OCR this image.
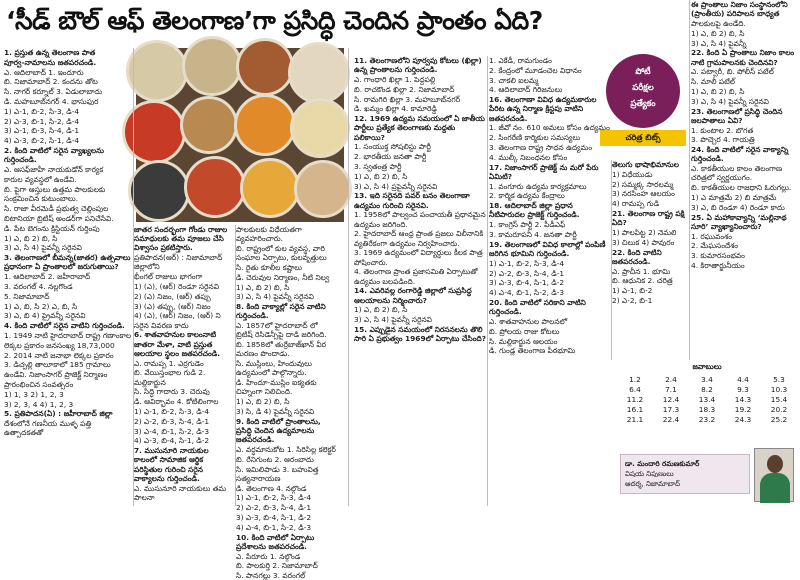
‘సీడ్ బౌల్ ఆఫ్ తెలంగాణ’గా ప్రసిద్ధి చెందిన ప్రాంతం ఏది?
పోటీ
పరీక్షల
ప్రత్యేకం
చరిత్ర బిట్స్

1. ప్రస్తుత ఉన్న తెలంగాణ పాత

పూర్వ-నామాలను జతపరచండి.

ఎ. ఆదిలాబాద్ 1. ఇందూరు

బి. నిజామాబాద్ 2. కందను తోట

సి. నాగర్ కర్నూల్ 3. ఏడులాబాదు

డి. మహబూబ్‌నగర్ 4. భాసుఫుర

1) ఎ-1, బి-2, సి-3, డి-4

2) ఎ-3, బి-1, సి-2, డి-4

3) ఎ-1, బి-3, సి-4, డి-1

4) ఎ-3, బి-2, సి-1, డి-4

2. కింది వాటిలో సరైన వ్యాఖ్యలను గుర్తించండి.

ఎ. ఆసఫ్‌జాహీ నాయకుడోన్ కార్యక

కారుల వ్యవస్థలో ఉండేవి.

బి. పైగా ఆస్తులు ఉత్తమ పాలకులకు

సంక్రమించిన కుటుంబాలు.

సి. రాజా వీరమెడీ ప్రభుత్వ చెల్లింపుల

బిటానియా బ్రిటిష్ అండర్‌గా పనిచేసేవి.

డి. పేట బెగంను క్రిస్టియన్ గుర్తింపు

1) ఎ, బి 2) బి, సి

3) ఎ, సి 4) పైవన్నీ సరైనవి

3. తెలంగాణలో బీమన్న(జాతర) ఉత్సవాలు ప్రధానంగా ఏ ప్రాంతాలలో జరుగుతాయి?

1. ఆదిలాబాద్ 2. జహీరాబాద్

3. వరంగల్ 4. నల్లగొండ

5. నిజామాబాద్

1) ఎ, బి, సి 2) ఎ, బి, సి

3) ఎ, బి 4) ప్రైవన్నీ సరైనవి

4. కింది వాటిలో సరైన వాటిని గుర్తించండి.

1. 1949 నాటి హైదరాబాద్ రాష్ట్ర గణాంకాల

లెక్కల ప్రకారం జనసంఖ్య 18,73,000

2. 2014 నాటి జనాభా లెక్కల ప్రకారం

3. డిచ్పల్లి తాలూకాలో 185 గ్రామాలు

ఉండేవి. నిజాంసాగర్ ప్రాజెక్ట్ నిర్మాణం

ప్రారంభించిన సంవత్సరం

1) 1, 3 2) 1, 2, 3

3) 2, 3, 4 4) 1, 2, 3

5. ప్రతిపాదన(ఏ) : జహీరాబాద్ జిల్లా

దేశంలోనే గణనీయ ముళ్ళ పత్తి ఉత్పాదకతతో

జాతర సందర్భంగా గోండు రాజుల సమాధులకు తమ పూజలు చేసి విశ్వాసం ప్రకటిస్తారు.

ప్రతిపాదన(ఆర్) : నిజామాబాద్ జిల్లాలోని

భీంగల్ రాజులు భాగంగా

1) (ఎ), (ఆర్) రెండూ సరైనవి

2) (ఎ) నిజం, (ఆర్) తప్పు

3) (ఎ) తప్పు, (ఆర్) నిజం

4) (ఎ), (ఆర్) నిజం, (ఆర్) ని సరైన వివరణ కాదు

6. శాతవాహనుల కాలంనాటి జాతరా మేళా, వాటి ప్రస్తుత ఆలయాల స్థలం జతపరచండి.

ఎ. రామప్ప 1. ఎర్రగుడెం

బి. వేయిస్తంభాల గుడి 2. మల్లికార్జున

సి. సిద్ధి గాదారు 3. చెరువు

డి. ఆవిర్భావం 4. కోటిలింగాల

1) ఎ-1, బి-2, సి-3, డి-4

2) ఎ-2, బి-3, సి-4, డి-1

3) ఎ-4, బి-1, సి-2, డి-3

4) ఎ-3, బి-4, సి-1, డి-2

7. ముసునూరి నాయకుల కాలంలో సామాజిక ఆర్థిక పరిస్థితుల గురించి సరైన వాక్యాలను గుర్తించండి.

ఎ. ముసునూరి నాయకులు తమ పాలనా

పాలకులకు విధేయతగా వ్యవహరించారు.

బి. రాష్ట్రంలో కుల వ్యవస్థ, వారి సంఘాల ఏర్పాటు, కులవృత్తులు

సి. రైతు కూలీల కష్టాలు

డి. చెరువుల నిర్మాణం, నీటి నిల్వ

1) ఎ, బి 2) బి, సి

3) ఎ, సి 4) పైవన్నీ సరైనవి

8. కింది వాక్యాల్లో సరైన వాటిని గుర్తించండి.

ఎ. 1857లో హైదరాబాద్ లో బ్రిటిష్ రెసిడెన్సీపై దాడి జరిగింది.

బి. 1858లో తుర్రేబాజ్‌ఖాన్ వీర మరణం పొందాడు.

సి. ముస్లింలు, హిందువులు ఉద్యమంలో పాల్గొన్నారు.

డి. హిందూ-ముస్లిం ఐక్యతకు చిహ్నంగా నిలిచింది.

1) ఎ, బి 2) బి, సి

3) సి, డి 4) పైవన్నీ సరైనవి

9. కింది వాటిలో ప్రాంతాలను, ప్రసిద్ధి చెందిన ఉద్యమాలను జతపరచండి.

ఎ. వర్ధమానుకోట 1. సిరిసిల్ల కలెక్టర్

బి. రేనిగుంట 2. ఆరంబాదు

సి. ఇమిలిపాడు 3. బహువిత్త సత్యనారాయణ

డి. తెలంగాణ 4. నల్గొండ

1) ఎ-1, బి-2, సి-3, డి-4

2) ఎ-2, బి-3, సి-4, డి-1

3) ఎ-3, బి-4, సి-1, డి-2

4) ఎ-4, బి-1, సి-2, డి-3

10. కింది వాటిలో ఏర్పాటు ప్రదేశాలను జతపరచండి.

ఎ. పేరూరు 1. నల్గొండ

బి. పాలకుర్తి 2. నిజామాబాద్

సి. పానగల్లు 3. వరంగల్

11. తెలంగాణలోని పూర్వపు కోటలు (ఖిల్లా) ఉన్న ప్రాంతాలను గుర్తించండి.

ఎ. గాంధారి ఖిల్లా 1. పెద్దపల్లి

బి. రాచకొండ ఖిల్లా 2. నిజామాబాద్

సి. రామగిరి ఖిల్లా 3. మహబూబ్‌నగర్

డి. ఖమ్మం ఖిల్లా 4. కామారెడ్డి

12. 1969 ఉద్యమ సమయంలో ఏ జాతీయ పార్టీలు ప్రత్యేక తెలంగాణకు మద్దతు పలికాయి?

1. సంయుక్త సోషలిస్టు పార్టీ

2. భారతీయ జనతా పార్టీ

3. స్వతంత్ర పార్టీ

1) ఎ, బి 2) బి, సి

3) ఎ, సి 4) ప్రపైవన్నీ సరైనవి

13. ఇది సరైనది పవర్ బనం తెలంగాణా ఉద్యమం గురించి సరైనవి.

1. 1958లో పాల్వంచ పంచాయతీ ప్రధానమైన ఉద్యమం జరిగింది.

2. హైదరాబాద్ ఆంధ్ర ప్రాంత ప్రజలు విలీనానికి వ్యతిరేకంగా ఉద్యమం నిర్వహించారు.

3. 1969 ఉద్యమంలో విద్యార్థులు కీలక పాత్ర పోషించారు.

4. తెలంగాణ ప్రాంత ప్రజాసమితి ఏర్పాటుతో ఉద్యమం బలపడింది.

14. ఎవరివల్ల రంగారెడ్డి జిల్లాలో సుప్రసిద్ధ ఆలయాలను నిర్మించారు?

1) ఎ, బి 2) బి, సి

3) ఎ, సి 4) పైవన్నీ సరైనవి

15. ఎప్పుడైన సమయంలో నిరసనలను తొలి సారి ఏ ప్రభుత్వం 1969లో ఏర్పాటు చేసింది?

1. ఎకేడీ, రామగుండం

2. కేంద్రంలో మూడంచెల విధానం

3. చాకలి ఐలమ్మ

4. ఆదిలాబాద్ గిరిజనులు

16. తెలంగాణా వివిధ ఉద్యమకారుల పేరిట ఉన్న నిర్మాణ క్రిస్టపు వాటిని జతపరచండి.

1. జీవో నం. 610 అమలు కోసం ఉద్యమం

2. సింగరేణి కార్మికుల సమస్యలు

3. తెలంగాణ రాష్ట్ర సాధన ఉద్యమం

4. ముల్కీ నిబంధనల కోసం

17. నిజాంసాగర్ ప్రాజెక్ట్ ను మరో పేరు ఏమిటి?

1. వంగూరు ఉద్యమ కార్యక్రమాలు

2. కార్మిక ఉద్యమ కేంద్రాలు

18. ఆదిలాబాద్ జిల్లా ప్రధాన నీటిపారుదల ప్రాజెక్ట్ గుర్తించండి.

1. కాంగ్రెస్ పార్టీ 2. పీడీఎఫ్

3. కామరూపనీ 4. జనతా పార్టీ

19. తెలంగాణలో వివిధ కాలాల్లో పంపిణీ జరిగిన భూమిని గుర్తించండి.

1) ఎ-1, బి-2, సి-3, డి-4

2) ఎ-2, బి-3, సి-4, డి-1

3) ఎ-3, బి-4, సి-1, డి-2

4) ఎ-4, బి-1, సి-2, డి-3

20. కింది వాటిలో సరికాని వాటిని గుర్తించండి.

ఎ. శాతవాహనుల పాలనలో

బి. ప్రోలయ రాజు కోటలు

సి. మల్లికార్జున ఆలయం

డి. గుండ్ల తెలంగాణ పీఠభూమి

తెలుగు భాషాభిమానుల

1) విధేయుడు

2) సమ్మక్క సారలమ్మ

3) నరసింహ ఆలయం

4) రామప్ప గుడి

21. తెలంగాణ రాష్ట్ర పక్షి ఏది?

1) పాలపిట్ట 2) నెమలి

3) చిలుక 4) పావురం

22. కింది వాటిని జతపరచండి.

ఎ. ప్రాచీన 1. భూమి

బి. ఆధునిక 2. చరిత్ర

1) ఎ-1, బి-2

2) ఎ-2, బి-1

ఈ ప్రాంతాలు నిజాం సంస్థానంలోని (ప్రాంతీయ) పరిపాలన బాధ్యత

పాలకులపై ఉండేది.

1) ఎ, బి 2) బి, సి

3) ఎ, సి 4) పైవన్నీ

22. కింది ఏ ప్రాంతాలు నిజాం కాలం నాటి గ్రామపాలనకు చెందినవి?

ఎ. పట్వారీ, బి. పోలీస్ పటేల్

సి. మాలీ పటేల్

1) ఎ, బి 2) బి, సి

3) ఎ, సి 4) పైవన్నీ సరైనవి

23. తెలంగాణలో ప్రసిద్ధి చెందిన జలపాతాలు ఏవి?

1. కుంటాల 2. బొగత

3. పొచ్చెర 4. గాయత్రి

24. కింది వాటిలో సరైన వాక్యాన్ని గుర్తించండి.

ఎ. కాకతీయుల కాలం తెలంగాణ చరిత్రలో స్వర్ణయుగం.

బి. కాకతీయుల రాజధాని ఓరుగల్లు.

1) ఎ మాత్రమే 2) బి మాత్రమే

3) ఎ, బి రెండూ 4) రెండూ కాదు

25. ఏ మహాకావ్యాన్ని ‘మల్లినాథ సూరి’ వ్యాఖ్యానించారు?

1. రఘువంశం

2. మేఘసందేశం

3. కుమారసంభవం

4. కిరాతార్జునీయం

జవాబులు
1.2	2.4	3.4	4.4	5.3
6.4	7.1	8.2	9.3	10.3
11.2	12.4	13.4	14.3	15.4
16.1	17.3	18.3	19.2	20.2
21.1	22.4	23.2	24.3	25.2
డా. మందారి రమణకుమార్
విషయ నిపుణులు
ఆదర్శ, నిజామాబాద్
